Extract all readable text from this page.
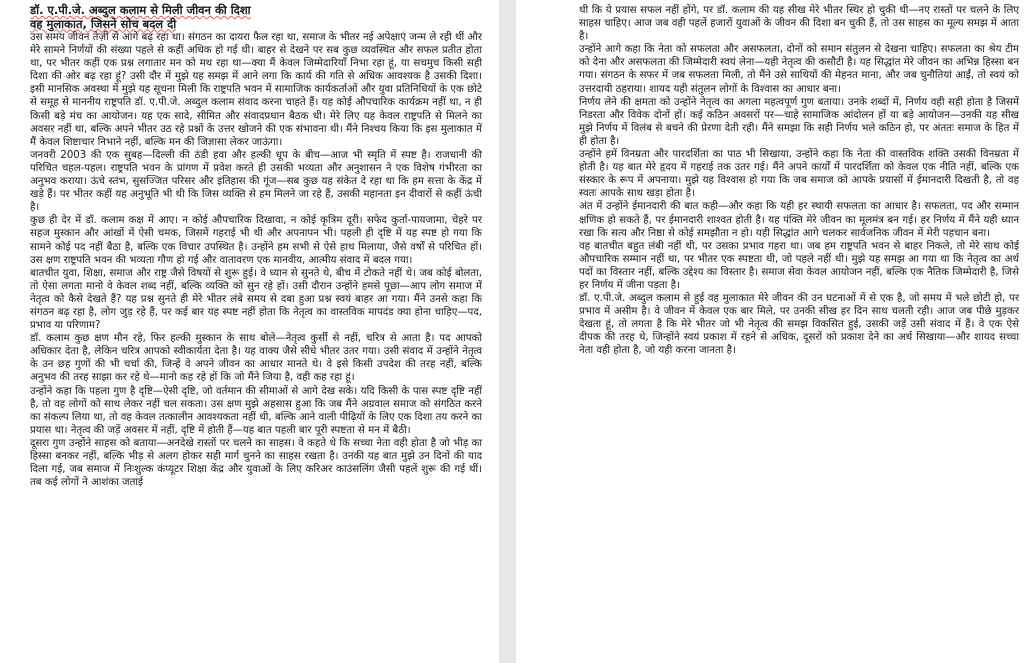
डॉ. ए.पी.जे. अब्दुल कलाम से मिली जीवन की दिशा
वह मुलाकात, जिसने सोच बदल दी

उस समय जीवन तेज़ी से आगे बढ़ रहा था। संगठन का दायरा फैल रहा था, समाज के भीतर नई अपेक्षाएं जन्म ले रही थीं और मेरे सामने निर्णयों की संख्या पहले से कहीं अधिक हो गई थी। बाहर से देखने पर सब कुछ व्यवस्थित और सफल प्रतीत होता था, पर भीतर कहीं एक प्रश्न लगातार मन को मथ रहा था—क्या मैं केवल जिम्मेदारियाँ निभा रहा हूं, या सचमुच किसी सही दिशा की ओर बढ़ रहा हूं? उसी दौर में मुझे यह समझ में आने लगा कि कार्य की गति से अधिक आवश्यक है उसकी दिशा। इसी मानसिक अवस्था में मुझे यह सूचना मिली कि राष्ट्रपति भवन में सामाजिक कार्यकर्ताओं और युवा प्रतिनिधियों के एक छोटे से समूह से माननीय राष्ट्रपति डॉ. ए.पी.जे. अब्दुल कलाम संवाद करना चाहते हैं। यह कोई औपचारिक कार्यक्रम नहीं था, न ही किसी बड़े मंच का आयोजन। यह एक सादे, सीमित और संवादप्रधान बैठक थी। मेरे लिए यह केवल राष्ट्रपति से मिलने का अवसर नहीं था, बल्कि अपने भीतर उठ रहे प्रश्नों के उत्तर खोजने की एक संभावना थी। मैंने निश्चय किया कि इस मुलाकात में मैं केवल शिष्टाचार निभाने नहीं, बल्कि मन की जिज्ञासा लेकर जाऊंगा।

जनवरी 2003 की एक सुबह—दिल्ली की ठंडी हवा और हल्की धूप के बीच—आज भी स्मृति में स्पष्ट है। राजधानी की परिचित चहल-पहल। राष्ट्रपति भवन के प्रांगण में प्रवेश करते ही उसकी भव्यता और अनुशासन ने एक विशेष गंभीरता का अनुभव कराया। ऊंचे स्तंभ, सुसज्जित परिसर और इतिहास की गूंज—सब कुछ यह संकेत दे रहा था कि हम सत्ता के केंद्र में खड़े हैं। पर भीतर कहीं यह अनुभूति भी थी कि जिस व्यक्ति से हम मिलने जा रहे हैं, उसकी महानता इन दीवारों से कहीं ऊंची है।

कुछ ही देर में डॉ. कलाम कक्ष में आए। न कोई औपचारिक दिखावा, न कोई कृत्रिम दूरी। सफेद कुर्ता-पायजामा, चेहरे पर सहज मुस्कान और आंखों में ऐसी चमक, जिसमें गहराई भी थी और अपनापन भी। पहली ही दृष्टि में यह स्पष्ट हो गया कि सामने कोई पद नहीं बैठा है, बल्कि एक विचार उपस्थित है। उन्होंने हम सभी से ऐसे हाथ मिलाया, जैसे वर्षों से परिचित हों। उस क्षण राष्ट्रपति भवन की भव्यता गौण हो गई और वातावरण एक मानवीय, आत्मीय संवाद में बदल गया।

बातचीत युवा, शिक्षा, समाज और राष्ट्र जैसे विषयों से शुरू हुई। वे ध्यान से सुनते थे, बीच में टोकते नहीं थे। जब कोई बोलता, तो ऐसा लगता मानो वे केवल शब्द नहीं, बल्कि व्यक्ति को सुन रहे हों। उसी दौरान उन्होंने हमसे पूछा—आप लोग समाज में नेतृत्व को कैसे देखते हैं? यह प्रश्न सुनते ही मेरे भीतर लंबे समय से दबा हुआ प्रश्न स्वयं बाहर आ गया। मैंने उनसे कहा कि संगठन बढ़ रहा है, लोग जुड़ रहे हैं, पर कई बार यह स्पष्ट नहीं होता कि नेतृत्व का वास्तविक मापदंड क्या होना चाहिए—पद, प्रभाव या परिणाम?

डॉ. कलाम कुछ क्षण मौन रहे, फिर हल्की मुस्कान के साथ बोले—नेतृत्व कुर्सी से नहीं, चरित्र से आता है। पद आपको अधिकार देता है, लेकिन चरित्र आपको स्वीकार्यता देता है। यह वाक्य जैसे सीधे भीतर उतर गया। उसी संवाद में उन्होंने नेतृत्व के उन छह गुणों की भी चर्चा की, जिन्हें वे अपने जीवन का आधार मानते थे। वे इसे किसी उपदेश की तरह नहीं, बल्कि अनुभव की तरह साझा कर रहे थे—मानो कह रहे हों कि जो मैंने जिया है, वही कह रहा हूं।

उन्होंने कहा कि पहला गुण है दृष्टि—ऐसी दृष्टि, जो वर्तमान की सीमाओं से आगे देख सके। यदि किसी के पास स्पष्ट दृष्टि नहीं है, तो वह लोगों को साथ लेकर नहीं चल सकता। उस क्षण मुझे अहसास हुआ कि जब मैंने अग्रवाल समाज को संगठित करने का संकल्प लिया था, तो वह केवल तत्कालीन आवश्यकता नहीं थी, बल्कि आने वाली पीढ़ियों के लिए एक दिशा तय करने का प्रयास था। नेतृत्व की जड़ें अवसर में नहीं, दृष्टि में होती हैं—यह बात पहली बार पूरी स्पष्टता से मन में बैठी।

दूसरा गुण उन्होंने साहस को बताया—अनदेखे रास्तों पर चलने का साहस। वे कहते थे कि सच्चा नेता वही होता है जो भीड़ का हिस्सा बनकर नहीं, बल्कि भीड़ से अलग होकर सही मार्ग चुनने का साहस रखता है। उनकी यह बात मुझे उन दिनों की याद दिला गई, जब समाज में निःशुल्क कंप्यूटर शिक्षा केंद्र और युवाओं के लिए करिअर काउंसलिंग जैसी पहलें शुरू की गई थीं। तब कई लोगों ने आशंका जताई

थी कि ये प्रयास सफल नहीं होंगे, पर डॉ. कलाम की यह सीख मेरे भीतर स्थिर हो चुकी थी—नए रास्तों पर चलने के लिए साहस चाहिए। आज जब वही पहलें हजारों युवाओं के जीवन की दिशा बन चुकी हैं, तो उस साहस का मूल्य समझ में आता है।

उन्होंने आगे कहा कि नेता को सफलता और असफलता, दोनों को समान संतुलन से देखना चाहिए। सफलता का श्रेय टीम को देना और असफलता की जिम्मेदारी स्वयं लेना—यही नेतृत्व की कसौटी है। यह सिद्धांत मेरे जीवन का अभिन्न हिस्सा बन गया। संगठन के सफर में जब सफलता मिली, तो मैंने उसे साथियों की मेहनत माना, और जब चुनौतियां आईं, तो स्वयं को उत्तरदायी ठहराया। शायद यही संतुलन लोगों के विश्वास का आधार बना।

निर्णय लेने की क्षमता को उन्होंने नेतृत्व का अगला महत्वपूर्ण गुण बताया। उनके शब्दों में, निर्णय वही सही होता है जिसमें निडरता और विवेक दोनों हों। कई कठिन अवसरों पर—चाहे सामाजिक आंदोलन हों या बड़े आयोजन—उनकी यह सीख मुझे निर्णय में विलंब से बचने की प्रेरणा देती रही। मैंने समझा कि सही निर्णय भले कठिन हो, पर अंततः समाज के हित में ही होता है।

उन्होंने हमें विनम्रता और पारदर्शिता का पाठ भी सिखाया, उन्होंने कहा कि नेता की वास्तविक शक्ति उसकी विनम्रता में होती है। यह बात मेरे हृदय में गहराई तक उतर गई। मैंने अपने कार्यों में पारदर्शिता को केवल एक नीति नहीं, बल्कि एक संस्कार के रूप में अपनाया। मुझे यह विश्वास हो गया कि जब समाज को आपके प्रयासों में ईमानदारी दिखती है, तो वह स्वतः आपके साथ खड़ा होता है।

अंत में उन्होंने ईमानदारी की बात कही—और कहा कि यही हर स्थायी सफलता का आधार है। सफलता, पद और सम्मान क्षणिक हो सकते हैं, पर ईमानदारी शाश्वत होती है। यह पंक्ति मेरे जीवन का मूलमंत्र बन गई। हर निर्णय में मैंने यही ध्यान रखा कि सत्य और निष्ठा से कोई समझौता न हो। यही सिद्धांत आगे चलकर सार्वजनिक जीवन में मेरी पहचान बना।

वह बातचीत बहुत लंबी नहीं थी, पर उसका प्रभाव गहरा था। जब हम राष्ट्रपति भवन से बाहर निकले, तो मेरे साथ कोई औपचारिक सम्मान नहीं था, पर भीतर एक स्पष्टता थी, जो पहले नहीं थी। मुझे यह समझ आ गया था कि नेतृत्व का अर्थ पदों का विस्तार नहीं, बल्कि उद्देश्य का विस्तार है। समाज सेवा केवल आयोजन नहीं, बल्कि एक नैतिक जिम्मेदारी है, जिसे हर निर्णय में जीना पड़ता है।

डॉ. ए.पी.जे. अब्दुल कलाम से हुई वह मुलाकात मेरे जीवन की उन घटनाओं में से एक है, जो समय में भले छोटी हो, पर प्रभाव में असीम है। वे जीवन में केवल एक बार मिले, पर उनकी सीख हर दिन साथ चलती रही। आज जब पीछे मुड़कर देखता हूं, तो लगता है कि मेरे भीतर जो भी नेतृत्व की समझ विकसित हुई, उसकी जड़ें उसी संवाद में हैं। वे एक ऐसे दीपक की तरह थे, जिन्होंने स्वयं प्रकाश में रहने से अधिक, दूसरों को प्रकाश देने का अर्थ सिखाया—और शायद सच्चा नेता वही होता है, जो यही करना जानता है।
